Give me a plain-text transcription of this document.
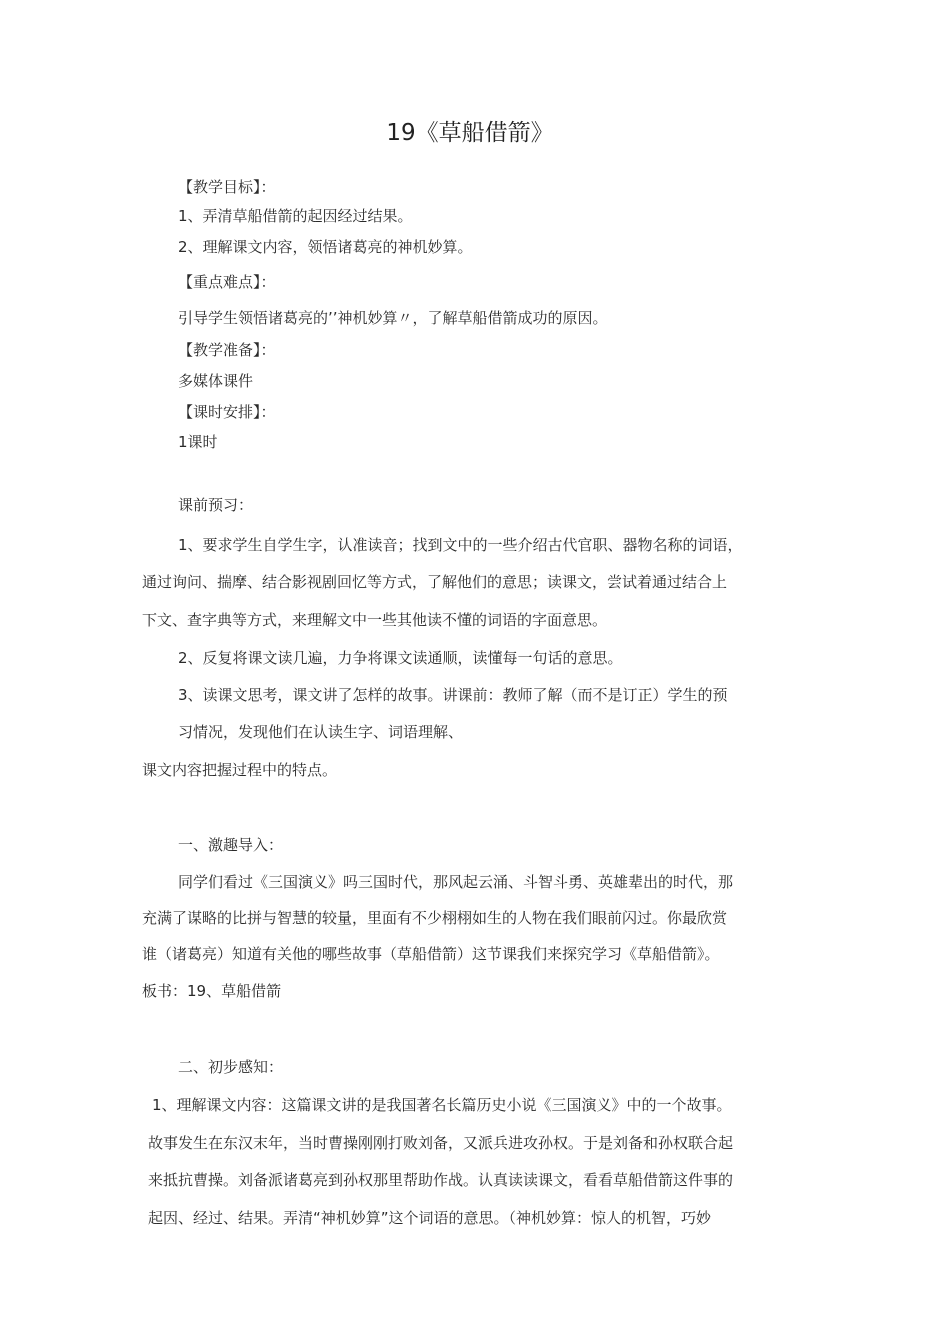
19《草船借箭》
【教学目标】：
1、弄清草船借箭的起因经过结果。
2、理解课文内容，领悟诸葛亮的神机妙算。
【重点难点】：
引导学生领悟诸葛亮的’’神机妙算〃，了解草船借箭成功的原因。
【教学准备】：
多媒体课件
【课时安排】：
1课时
课前预习：
1、要求学生自学生字，认准读音；找到文中的一些介绍古代官职、器物名称的词语，
通过询问、揣摩、结合影视剧回忆等方式，了解他们的意思；读课文，尝试着通过结合上
下文、查字典等方式，来理解文中一些其他读不懂的词语的字面意思。
2、反复将课文读几遍，力争将课文读通顺，读懂每一句话的意思。
3、读课文思考，课文讲了怎样的故事。讲课前：教师了解（而不是订正）学生的预
习情况，发现他们在认读生字、词语理解、
课文内容把握过程中的特点。
一、激趣导入：
同学们看过《三国演义》吗三国时代，那风起云涌、斗智斗勇、英雄辈出的时代，那
充满了谋略的比拼与智慧的较量，里面有不少栩栩如生的人物在我们眼前闪过。你最欣赏
谁（诸葛亮）知道有关他的哪些故事（草船借箭）这节课我们来探究学习《草船借箭》。
板书：19、草船借箭
二、初步感知：
1、理解课文内容：这篇课文讲的是我国著名长篇历史小说《三国演义》中的一个故事。
故事发生在东汉末年，当时曹操刚刚打败刘备，又派兵进攻孙权。于是刘备和孙权联合起
来抵抗曹操。刘备派诸葛亮到孙权那里帮助作战。认真读读课文，看看草船借箭这件事的
起因、经过、结果。弄清“神机妙算”这个词语的意思。（神机妙算：惊人的机智，巧妙
